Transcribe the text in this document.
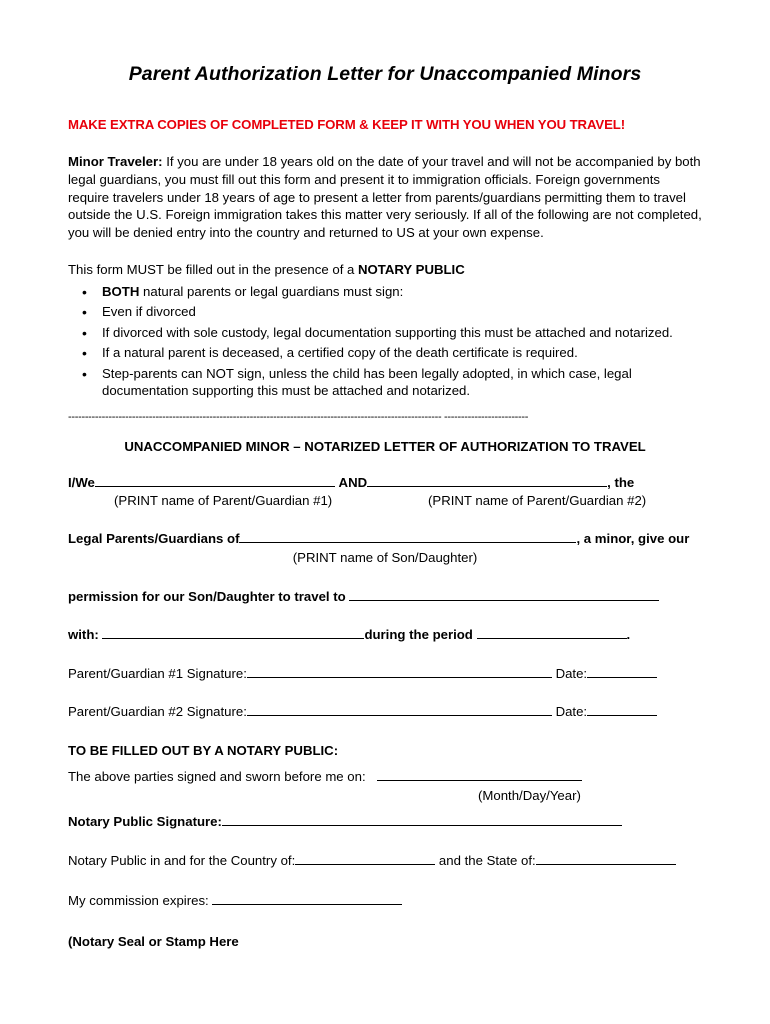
Parent Authorization Letter for Unaccompanied Minors
MAKE EXTRA COPIES OF COMPLETED FORM & KEEP IT WITH YOU WHEN YOU TRAVEL!
Minor Traveler: If you are under 18 years old on the date of your travel and will not be accompanied by both legal guardians, you must fill out this form and present it to immigration officials. Foreign governments require travelers under 18 years of age to present a letter from parents/guardians permitting them to travel outside the U.S. Foreign immigration takes this matter very seriously. If all of the following are not completed, you will be denied entry into the country and returned to US at your own expense.
This form MUST be filled out in the presence of a NOTARY PUBLIC
• BOTH natural parents or legal guardians must sign:
• Even if divorced
• If divorced with sole custody, legal documentation supporting this must be attached and notarized.
• If a natural parent is deceased, a certified copy of the death certificate is required.
• Step-parents can NOT sign, unless the child has been legally adopted, in which case, legal documentation supporting this must be attached and notarized.
--------------------------------------------------------------------------------------------------------------- -------------------------
UNACCOMPANIED MINOR – NOTARIZED LETTER OF AUTHORIZATION TO TRAVEL
I/We	AND	, the
(PRINT name of Parent/Guardian #1)	(PRINT name of Parent/Guardian #2)
Legal Parents/Guardians of	, a minor, give our
(PRINT name of Son/Daughter)
permission for our Son/Daughter to travel to
with:	during the period	.
Parent/Guardian #1 Signature:	Date:
Parent/Guardian #2 Signature:	Date:
TO BE FILLED OUT BY A NOTARY PUBLIC:
The above parties signed and sworn before me on:
(Month/Day/Year)
Notary Public Signature:
Notary Public in and for the Country of:	and the State of:
My commission expires:
(Notary Seal or Stamp Here
